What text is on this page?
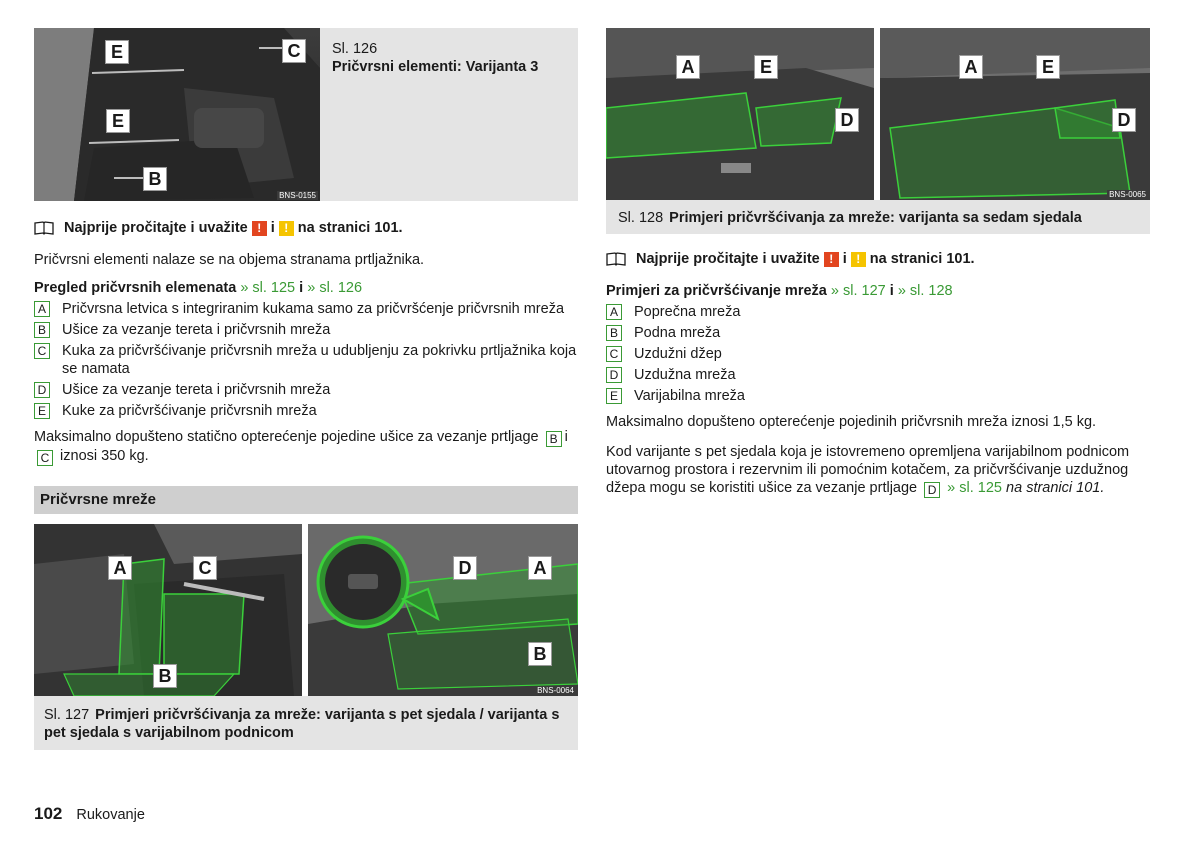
E	C
E
B
BNS-0155
Sl. 126
Pričvrsni elementi: Varijanta 3
Najprije pročitajte i uvažite ! i ! na stranici 101.

Pričvrsni elementi nalaze se na objema stranama prtljažnika.

Pregled pričvrsnih elemenata » sl. 125 i » sl. 126
A Pričvrsna letvica s integriranim kukama samo za pričvršćenje pričvrsnih mreža
B Ušice za vezanje tereta i pričvrsnih mreža
C Kuka za pričvršćivanje pričvrsnih mreža u udubljenju za pokrivku prtljažnika koja se namata
D Ušice za vezanje tereta i pričvrsnih mreža
E Kuke za pričvršćivanje pričvrsnih mreža

Maksimalno dopušteno statično opterećenje pojedine ušice za vezanje prtljage B iC iznosi 350 kg.

Pričvrsne mreže
A	C
B
D	A
B
BNS-0064
Sl. 127 Primjeri pričvršćivanja za mreže: varijanta s pet sjedala / varijanta s pet sjedala s varijabilnom podnicom
A	E
D
A	E
D
BNS-0065
Sl. 128 Primjeri pričvršćivanja za mreže: varijanta sa sedam sjedala
Najprije pročitajte i uvažite ! i ! na stranici 101.
Primjeri za pričvršćivanje mreža » sl. 127 i » sl. 128
A Poprečna mreža
B Podna mreža
C Uzdužni džep
D Uzdužna mreža
E Varijabilna mreža

Maksimalno dopušteno opterećenje pojedinih pričvrsnih mreža iznosi 1,5 kg.

Kod varijante s pet sjedala koja je istovremeno opremljena varijabilnom podnicom utovarnog prostora i rezervnim ili pomoćnim kotačem, za pričvršćivanje uzdužnog džepa mogu se koristiti ušice za vezanje prtljage D » sl. 125 na stranici 101.

102 Rukovanje
